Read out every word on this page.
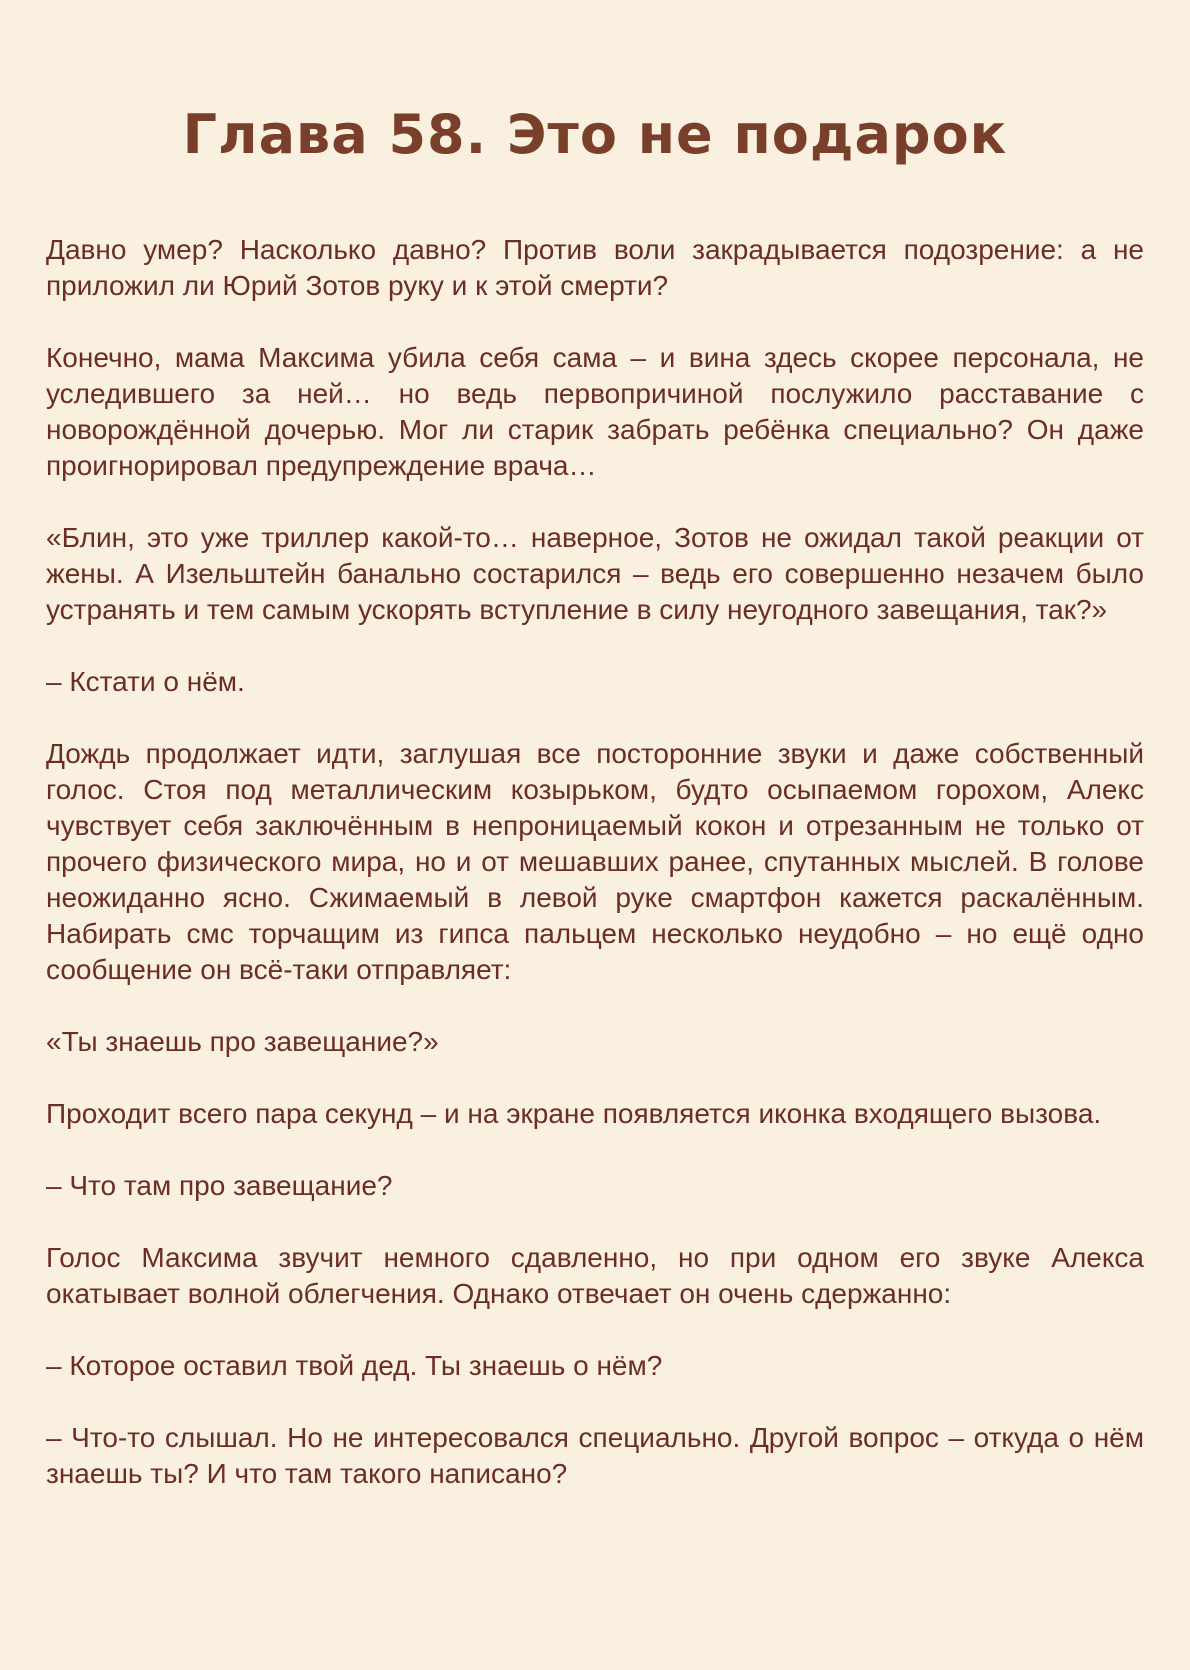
Глава 58. Это не подарок

Давно умер? Насколько давно? Против воли закрадывается подозрение: а не приложил ли Юрий Зотов руку и к этой смерти?

Конечно, мама Максима убила себя сама – и вина здесь скорее персонала, не уследившего за ней… но ведь первопричиной послужило расставание с новорождённой дочерью. Мог ли старик забрать ребёнка специально? Он даже проигнорировал предупреждение врача…

«Блин, это уже триллер какой-то… наверное, Зотов не ожидал такой реакции от жены. А Изельштейн банально состарился – ведь его совершенно незачем было устранять и тем самым ускорять вступление в силу неугодного завещания, так?»

– Кстати о нём.

Дождь продолжает идти, заглушая все посторонние звуки и даже собственный голос. Стоя под металлическим козырьком, будто осыпаемом горохом, Алекс чувствует себя заключённым в непроницаемый кокон и отрезанным не только от прочего физического мира, но и от мешавших ранее, спутанных мыслей. В голове неожиданно ясно. Сжимаемый в левой руке смартфон кажется раскалённым. Набирать смс торчащим из гипса пальцем несколько неудобно – но ещё одно сообщение он всё-таки отправляет:

«Ты знаешь про завещание?»

Проходит всего пара секунд – и на экране появляется иконка входящего вызова.

– Что там про завещание?

Голос Максима звучит немного сдавленно, но при одном его звуке Алекса окатывает волной облегчения. Однако отвечает он очень сдержанно:

– Которое оставил твой дед. Ты знаешь о нём?

– Что-то слышал. Но не интересовался специально. Другой вопрос – откуда о нём знаешь ты? И что там такого написано?
